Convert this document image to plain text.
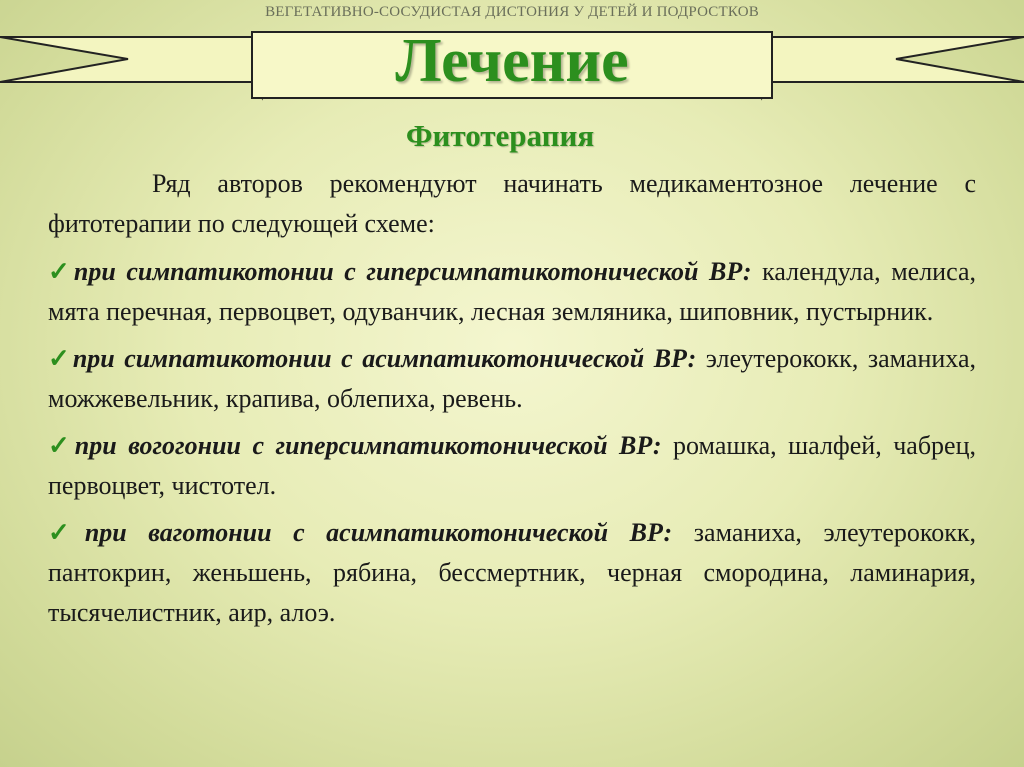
ВЕГЕТАТИВНО-СОСУДИСТАЯ ДИСТОНИЯ У ДЕТЕЙ И ПОДРОСТКОВ
Лечение
Фитотерапия

Ряд авторов рекомендуют начинать медикаментозное лечение с фитотерапии по следующей схеме:

✓при симпатикотонии с гиперсимпатикотонической ВР: календула, мелиса, мята перечная, первоцвет, одуванчик, лесная земляника, шиповник, пустырник.

✓при симпатикотонии с асимпатикотонической ВР: элеутерококк, заманиха, можжевельник, крапива, облепиха, ревень.

✓при вогогонии с гиперсимпатикотонической ВР: ромашка, шалфей, чабрец, первоцвет, чистотел.

✓при ваготонии с асимпатикотонической ВР: заманиха, элеутерококк, пантокрин, женьшень, рябина, бессмертник, черная смородина, ламинария, тысячелистник, аир, алоэ.
